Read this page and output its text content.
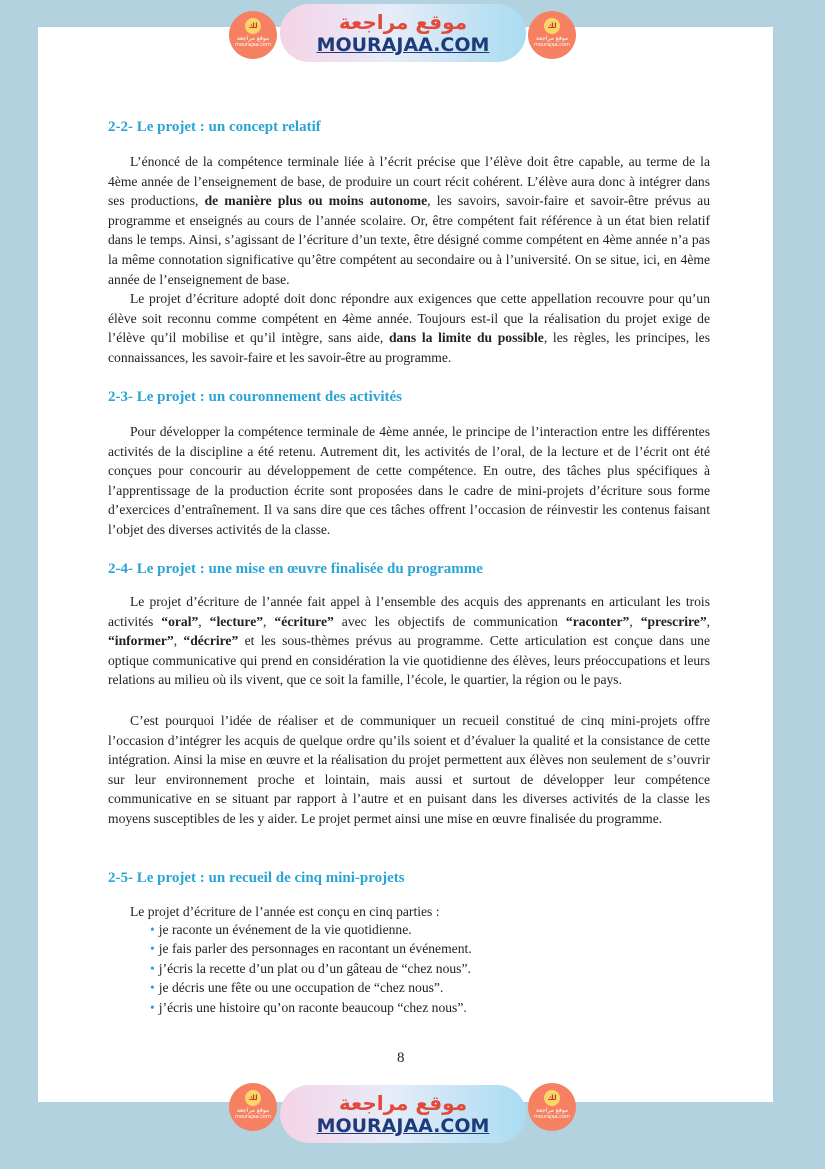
لك
موقع مراجعة
mourajaa.com
موقع مراجعة
MOURAJAA.COM
لك
موقع مراجعة
mourajaa.com
2-2- Le projet : un concept relatif

L’énoncé de la compétence terminale liée à l’écrit précise que l’élève doit être capable, au terme de la 4ème année de l’enseignement de base, de produire un court récit cohérent. L’élève aura donc à intégrer dans ses productions, de manière plus ou moins autonome, les savoirs, savoir-faire et savoir-être prévus au programme et enseignés au cours de l’année scolaire. Or, être compétent fait référence à un état bien relatif dans le temps. Ainsi, s’agissant de l’écriture d’un texte, être désigné comme compétent en 4ème année n’a pas la même connotation significative qu’être compétent au secondaire ou à l’université. On se situe, ici, en 4ème année de l’enseignement de base.

Le projet d’écriture adopté doit donc répondre aux exigences que cette appellation recouvre pour qu’un élève soit reconnu comme compétent en 4ème année. Toujours est-il que la réalisation du projet exige de l’élève qu’il mobilise et qu’il intègre, sans aide, dans la limite du possible, les règles, les principes, les connaissances, les savoir-faire et les savoir-être au programme.

2-3- Le projet : un couronnement des activités

Pour développer la compétence terminale de 4ème année, le principe de l’interaction entre les différentes activités de la discipline a été retenu. Autrement dit, les activités de l’oral, de la lecture et de l’écrit ont été conçues pour concourir au développement de cette compétence. En outre, des tâches plus spécifiques à l’apprentissage de la production écrite sont proposées dans le cadre de mini-projets d’écriture sous forme d’exercices d’entraînement. Il va sans dire que ces tâches offrent l’occasion de réinvestir les contenus faisant l’objet des diverses activités de la classe.

2-4- Le projet : une mise en œuvre finalisée du programme

Le projet d’écriture de l’année fait appel à l’ensemble des acquis des apprenants en articulant les trois activités “oral”, “lecture”, “écriture” avec les objectifs de communication “raconter”, “prescrire”, “informer”, “décrire” et les sous-thèmes prévus au programme. Cette articulation est conçue dans une optique communicative qui prend en considération la vie quotidienne des élèves, leurs préoccupations et leurs relations au milieu où ils vivent, que ce soit la famille, l’école, le quartier, la région ou le pays.

C’est pourquoi l’idée de réaliser et de communiquer un recueil constitué de cinq mini-projets offre l’occasion d’intégrer les acquis de quelque ordre qu’ils soient et d’évaluer la qualité et la consistance de cette intégration. Ainsi la mise en œuvre et la réalisation du projet permettent aux élèves non seulement de s’ouvrir sur leur environnement proche et lointain, mais aussi et surtout de développer leur compétence communicative en se situant par rapport à l’autre et en puisant dans les diverses activités de la classe les moyens susceptibles de les y aider. Le projet permet ainsi une mise en œuvre finalisée du programme.

2-5- Le projet : un recueil de cinq mini-projets

Le projet d’écriture de l’année est conçu en cinq parties :

• je raconte un événement de la vie quotidienne.
• je fais parler des personnages en racontant un événement.
• j’écris la recette d’un plat ou d’un gâteau de “chez nous”.
• je décris une fête ou une occupation de “chez nous”.
• j’écris une histoire qu’on raconte beaucoup “chez nous”.
8
لك
موقع مراجعة
mourajaa.com
موقع مراجعة
MOURAJAA.COM
لك
موقع مراجعة
mourajaa.com
